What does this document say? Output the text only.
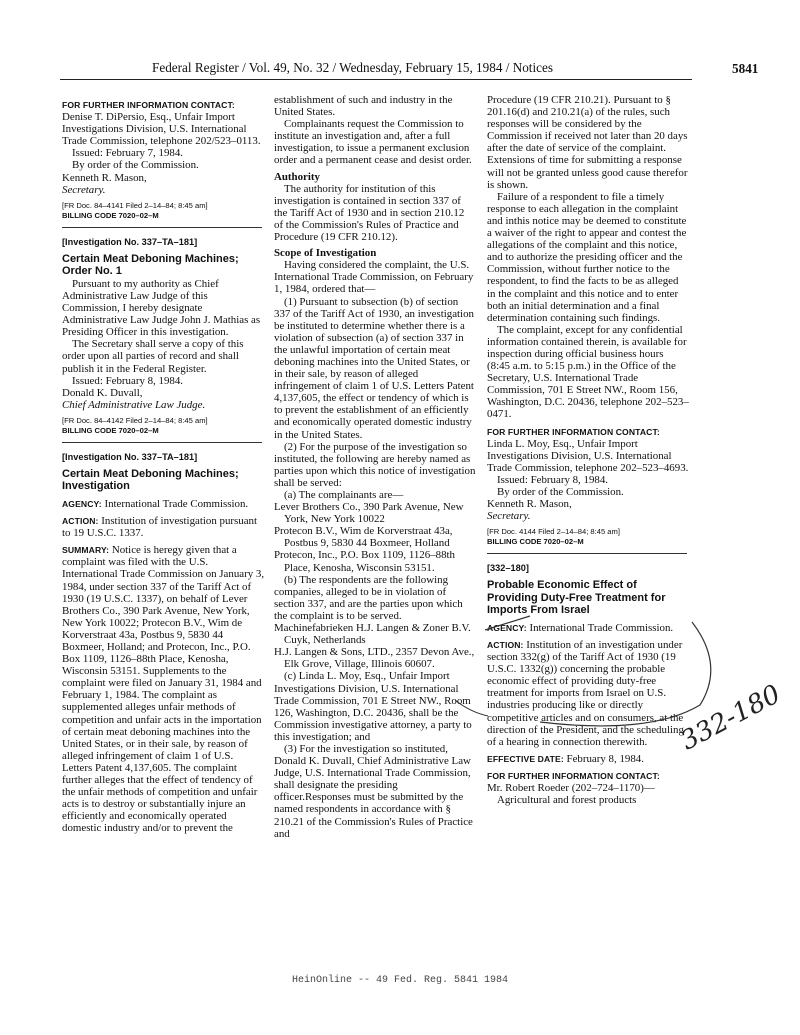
Federal Register / Vol. 49, No. 32 / Wednesday, February 15, 1984 / Notices	5841

FOR FURTHER INFORMATION CONTACT:

Denise T. DiPersio, Esq., Unfair Import Investigations Division, U.S. International Trade Commission, telephone 202/523–0113.

Issued: February 7, 1984.

By order of the Commission.

Kenneth R. Mason,

Secretary.

[FR Doc. 84–4141 Filed 2–14–84; 8:45 am]

BILLING CODE 7020–02–M

[Investigation No. 337–TA–181]

Certain Meat Deboning Machines; Order No. 1

Pursuant to my authority as Chief Administrative Law Judge of this Commission, I hereby designate Administrative Law Judge John J. Mathias as Presiding Officer in this investigation.

The Secretary shall serve a copy of this order upon all parties of record and shall publish it in the Federal Register.

Issued: February 8, 1984.

Donald K. Duvall,

Chief Administrative Law Judge.

[FR Doc. 84–4142 Filed 2–14–84; 8:45 am]

BILLING CODE 7020–02–M

[Investigation No. 337–TA–181]

Certain Meat Deboning Machines; Investigation

AGENCY: International Trade Commission.

ACTION: Institution of investigation pursuant to 19 U.S.C. 1337.

SUMMARY: Notice is heregy given that a complaint was filed with the U.S. International Trade Commission on January 3, 1984, under section 337 of the Tariff Act of 1930 (19 U.S.C. 1337), on behalf of Lever Brothers Co., 390 Park Avenue, New York, New York 10022; Protecon B.V., Wim de Korverstraat 43a, Postbus 9, 5830 44 Boxmeer, Holland; and Protecon, Inc., P.O. Box 1109, 1126–88th Place, Kenosha, Wisconsin 53151. Supplements to the complaint were filed on January 31, 1984 and February 1, 1984. The complaint as supplemented alleges unfair methods of competition and unfair acts in the importation of certain meat deboning machines into the United States, or in their sale, by reason of alleged infringement of claim 1 of U.S. Letters Patent 4,137,605. The complaint further alleges that the effect of tendency of the unfair methods of competition and unfair acts is to destroy or substantially injure an efficiently and economically operated domestic industry and/or to prevent the

establishment of such and industry in the United States.

Complainants request the Commission to institute an investigation and, after a full investigation, to issue a permanent exclusion order and a permanent cease and desist order.

Authority

The authority for institution of this investigation is contained in section 337 of the Tariff Act of 1930 and in section 210.12 of the Commission's Rules of Practice and Procedure (19 CFR 210.12).

Scope of Investigation

Having considered the complaint, the U.S. International Trade Commission, on February 1, 1984, ordered that—

(1) Pursuant to subsection (b) of section 337 of the Tariff Act of 1930, an investigation be instituted to determine whether there is a violation of subsection (a) of section 337 in the unlawful importation of certain meat deboning machines into the United States, or in their sale, by reason of alleged infringement of claim 1 of U.S. Letters Patent 4,137,605, the effect or tendency of which is to prevent the establishment of an efficiently and economically operated domestic industry in the United States.

(2) For the purpose of the investigation so instituted, the following are hereby named as parties upon which this notice of investigation shall be served:

(a) The complainants are—

Lever Brothers Co., 390 Park Avenue, New York, New York 10022

Protecon B.V., Wim de Korverstraat 43a, Postbus 9, 5830 44 Boxmeer, Holland

Protecon, Inc., P.O. Box 1109, 1126–88th Place, Kenosha, Wisconsin 53151.

(b) The respondents are the following companies, alleged to be in violation of section 337, and are the parties upon which the complaint is to be served.

Machinefabrieken H.J. Langen & Zoner B.V. Cuyk, Netherlands

H.J. Langen & Sons, LTD., 2357 Devon Ave., Elk Grove, Village, Illinois 60607.

(c) Linda L. Moy, Esq., Unfair Import Investigations Division, U.S. International Trade Commission, 701 E Street NW., Room 126, Washington, D.C. 20436, shall be the Commission investigative attorney, a party to this investigation; and

(3) For the investigation so instituted, Donald K. Duvall, Chief Administrative Law Judge, U.S. International Trade Commission, shall designate the presiding officer.Responses must be submitted by the named respondents in accordance with § 210.21 of the Commission's Rules of Practice and

Procedure (19 CFR 210.21). Pursuant to § 201.16(d) and 210.21(a) of the rules, such responses will be considered by the Commission if received not later than 20 days after the date of service of the complaint. Extensions of time for submitting a response will not be granted unless good cause therefor is shown.

Failure of a respondent to file a timely response to each allegation in the complaint and inthis notice may be deemed to constitute a waiver of the right to appear and contest the allegations of the complaint and this notice, and to authorize the presiding officer and the Commission, without further notice to the respondent, to find the facts to be as alleged in the complaint and this notice and to enter both an initial determination and a final determination containing such findings.

The complaint, except for any confidential information contained therein, is available for inspection during official business hours (8:45 a.m. to 5:15 p.m.) in the Office of the Secretary, U.S. International Trade Commission, 701 E Street NW., Room 156, Washington, D.C. 20436, telephone 202–523–0471.

FOR FURTHER INFORMATION CONTACT:

Linda L. Moy, Esq., Unfair Import Investigations Division, U.S. International Trade Commission, telephone 202–523–4693.

Issued: February 8, 1984.

By order of the Commission.

Kenneth R. Mason,

Secretary.

[FR Doc. 4144 Filed 2–14–84; 8:45 am]

BILLING CODE 7020–02–M

[332–180]

Probable Economic Effect of Providing Duty-Free Treatment for Imports From Israel

AGENCY: International Trade Commission.

ACTION: Institution of an investigation under section 332(g) of the Tariff Act of 1930 (19 U.S.C. 1332(g)) concerning the probable economic effect of providing duty-free treatment for imports from Israel on U.S. industries producing like or directly competitive articles and on consumers, at the direction of the President, and the scheduling of a hearing in connection therewith.

EFFECTIVE DATE: February 8, 1984.

FOR FURTHER INFORMATION CONTACT:

Mr. Robert Roeder (202–724–1170)—

Agricultural and forest products

332-180
HeinOnline -- 49 Fed. Reg. 5841 1984
